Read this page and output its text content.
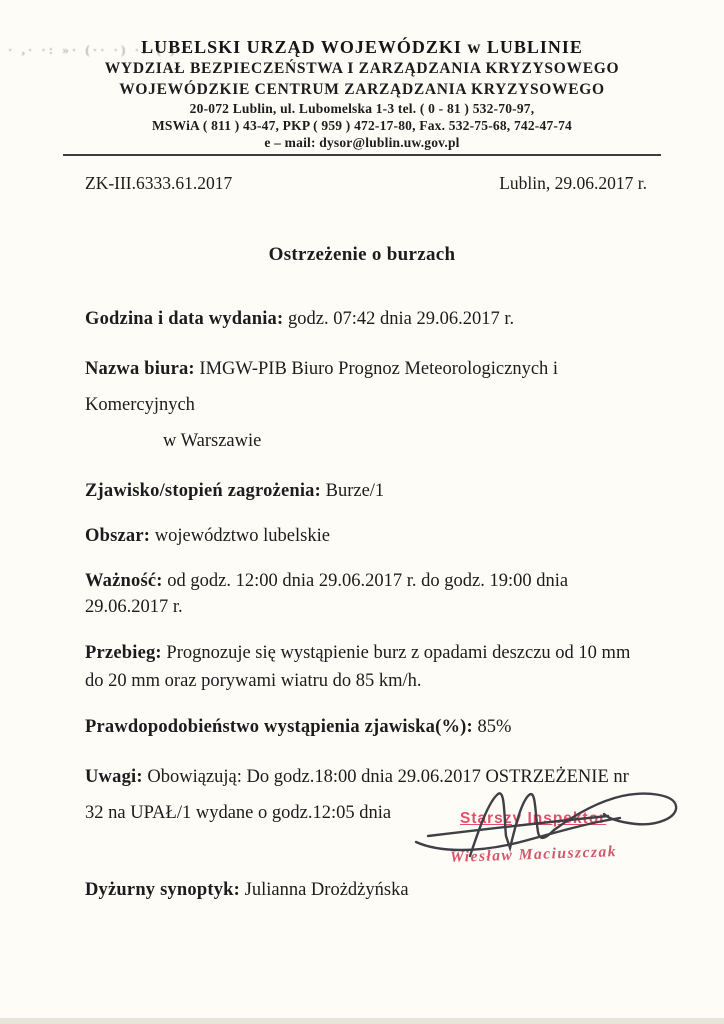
· ,· ·: »· (·· ·) ·:·( )
LUBELSKI URZĄD WOJEWÓDZKI w LUBLINIE
WYDZIAŁ BEZPIECZEŃSTWA I ZARZĄDZANIA KRYZYSOWEGO
WOJEWÓDZKIE CENTRUM ZARZĄDZANIA KRYZYSOWEGO
20-072 Lublin, ul. Lubomelska 1-3 tel. ( 0 - 81 ) 532-70-97,
MSWiA ( 811 ) 43-47, PKP ( 959 ) 472-17-80, Fax. 532-75-68, 742-47-74
e – mail: dysor@lublin.uw.gov.pl
ZK-III.6333.61.2017	Lublin, 29.06.2017 r.
Ostrzeżenie o burzach

Godzina i data wydania: godz. 07:42 dnia 29.06.2017 r.

Nazwa biura: IMGW-PIB Biuro Prognoz Meteorologicznych i Komercyjnych
w Warszawie

Zjawisko/stopień zagrożenia: Burze/1

Obszar: województwo lubelskie

Ważność: od godz. 12:00 dnia 29.06.2017 r. do godz. 19:00 dnia 29.06.2017 r.

Przebieg: Prognozuje się wystąpienie burz z opadami deszczu od 10 mm do 20 mm oraz porywami wiatru do 85 km/h.

Prawdopodobieństwo wystąpienia zjawiska(%): 85%

Uwagi: Obowiązują: Do godz.18:00 dnia 29.06.2017 OSTRZEŻENIE nr 32 na UPAŁ/1 wydane o godz.12:05 dnia

Dyżurny synoptyk: Julianna Drożdżyńska

Starszy Inspektor
Wiesław Maciuszczak
